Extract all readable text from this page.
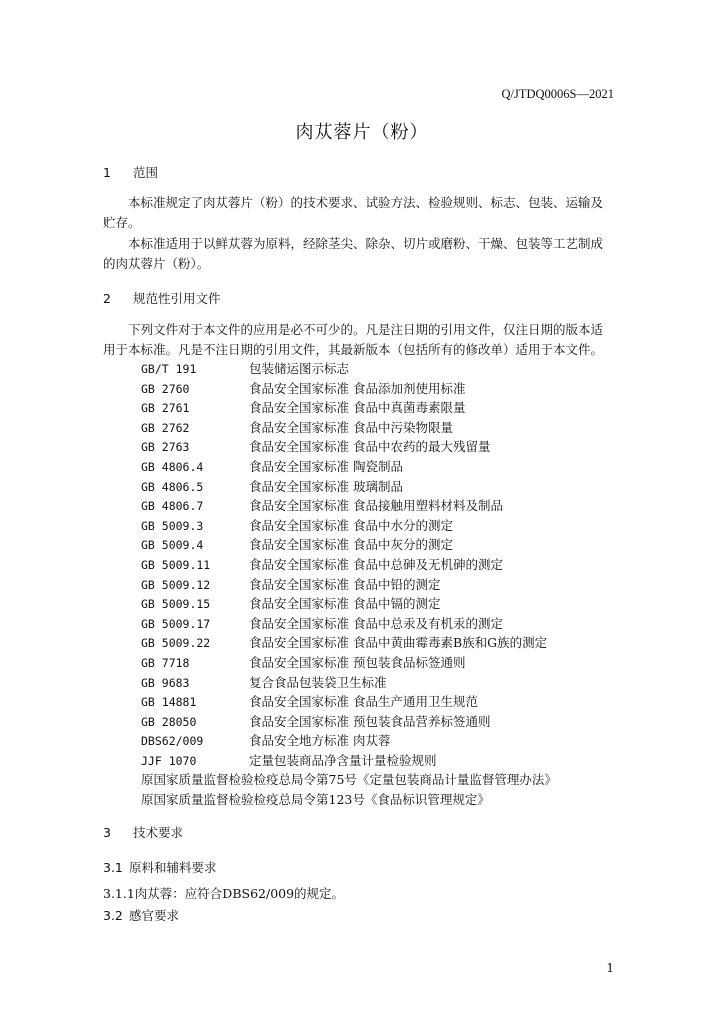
Q/JTDQ0006S—2021
肉苁蓉片（粉）
1 范围
本标准规定了肉苁蓉片（粉）的技术要求、试验方法、检验规则、标志、包装、运输及
贮存。
本标准适用于以鲜苁蓉为原料，经除茎尖、除杂、切片或磨粉、干燥、包装等工艺制成
的肉苁蓉片（粉）。
2 规范性引用文件
下列文件对于本文件的应用是必不可少的。凡是注日期的引用文件，仅注日期的版本适
用于本标准。凡是不注日期的引用文件，其最新版本（包括所有的修改单）适用于本文件。
GB/T 191	包装储运图示标志
GB 2760	食品安全国家标准 食品添加剂使用标准
GB 2761	食品安全国家标准 食品中真菌毒素限量
GB 2762	食品安全国家标准 食品中污染物限量
GB 2763	食品安全国家标准 食品中农药的最大残留量
GB 4806.4	食品安全国家标准 陶瓷制品
GB 4806.5	食品安全国家标准 玻璃制品
GB 4806.7	食品安全国家标准 食品接触用塑料材料及制品
GB 5009.3	食品安全国家标准 食品中水分的测定
GB 5009.4	食品安全国家标准 食品中灰分的测定
GB 5009.11	食品安全国家标准 食品中总砷及无机砷的测定
GB 5009.12	食品安全国家标准 食品中铅的测定
GB 5009.15	食品安全国家标准 食品中镉的测定
GB 5009.17	食品安全国家标准 食品中总汞及有机汞的测定
GB 5009.22	食品安全国家标准 食品中黄曲霉毒素B族和G族的测定
GB 7718	食品安全国家标准 预包装食品标签通则
GB 9683	复合食品包装袋卫生标准
GB 14881	食品安全国家标准 食品生产通用卫生规范
GB 28050	食品安全国家标准 预包装食品营养标签通则
DBS62/009	食品安全地方标准 肉苁蓉
JJF 1070	定量包装商品净含量计量检验规则
原国家质量监督检验检疫总局令第75号《定量包装商品计量监督管理办法》
原国家质量监督检验检疫总局令第123号《食品标识管理规定》
3 技术要求
3.1 原料和辅料要求
3.1.1肉苁蓉：应符合DBS62/009的规定。
3.2 感官要求
1
